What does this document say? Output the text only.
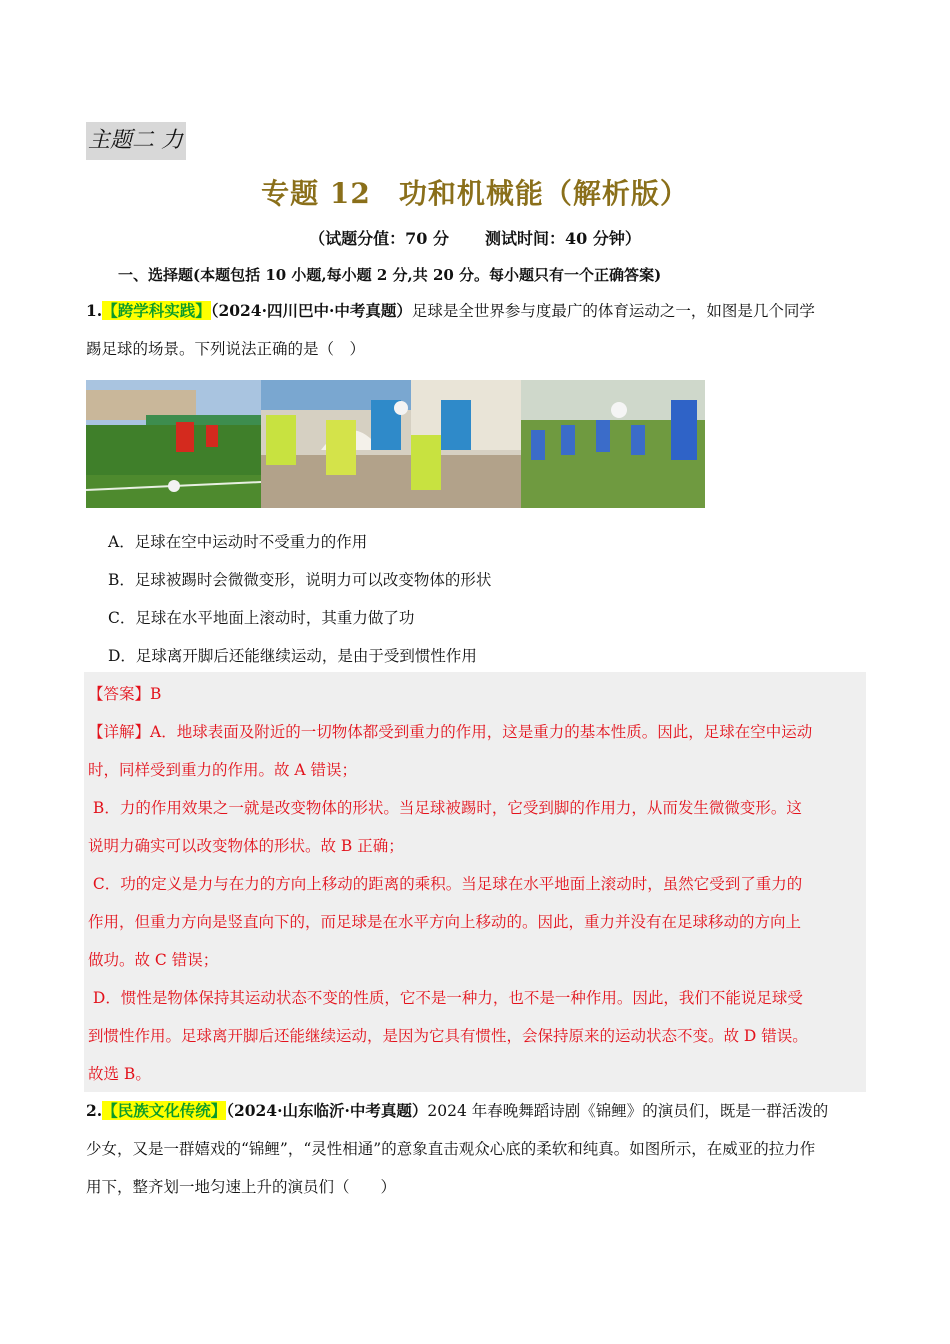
主题二 力
专题 12 功和机械能（解析版）
（试题分值：70 分 测试时间：40 分钟）
一、选择题(本题包括 10 小题,每小题 2 分,共 20 分。每小题只有一个正确答案)
1.【跨学科实践】（2024·四川巴中·中考真题）足球是全世界参与度最广的体育运动之一，如图是几个同学
踢足球的场景。下列说法正确的是（　）
A．足球在空中运动时不受重力的作用
B．足球被踢时会微微变形，说明力可以改变物体的形状
C．足球在水平地面上滚动时，其重力做了功
D．足球离开脚后还能继续运动，是由于受到惯性作用
【答案】B
【详解】A．地球表面及附近的一切物体都受到重力的作用，这是重力的基本性质。因此，足球在空中运动
时，同样受到重力的作用。故 A 错误；
B．力的作用效果之一就是改变物体的形状。当足球被踢时，它受到脚的作用力，从而发生微微变形。这
说明力确实可以改变物体的形状。故 B 正确；
C．功的定义是力与在力的方向上移动的距离的乘积。当足球在水平地面上滚动时，虽然它受到了重力的
作用，但重力方向是竖直向下的，而足球是在水平方向上移动的。因此，重力并没有在足球移动的方向上
做功。故 C 错误；
D．惯性是物体保持其运动状态不变的性质，它不是一种力，也不是一种作用。因此，我们不能说足球受
到惯性作用。足球离开脚后还能继续运动，是因为它具有惯性，会保持原来的运动状态不变。故 D 错误。
故选 B。
2.【民族文化传统】（2024·山东临沂·中考真题）2024 年春晚舞蹈诗剧《锦鲤》的演员们，既是一群活泼的
少女，又是一群嬉戏的“锦鲤”，“灵性相通”的意象直击观众心底的柔软和纯真。如图所示，在威亚的拉力作
用下，整齐划一地匀速上升的演员们（　　）
